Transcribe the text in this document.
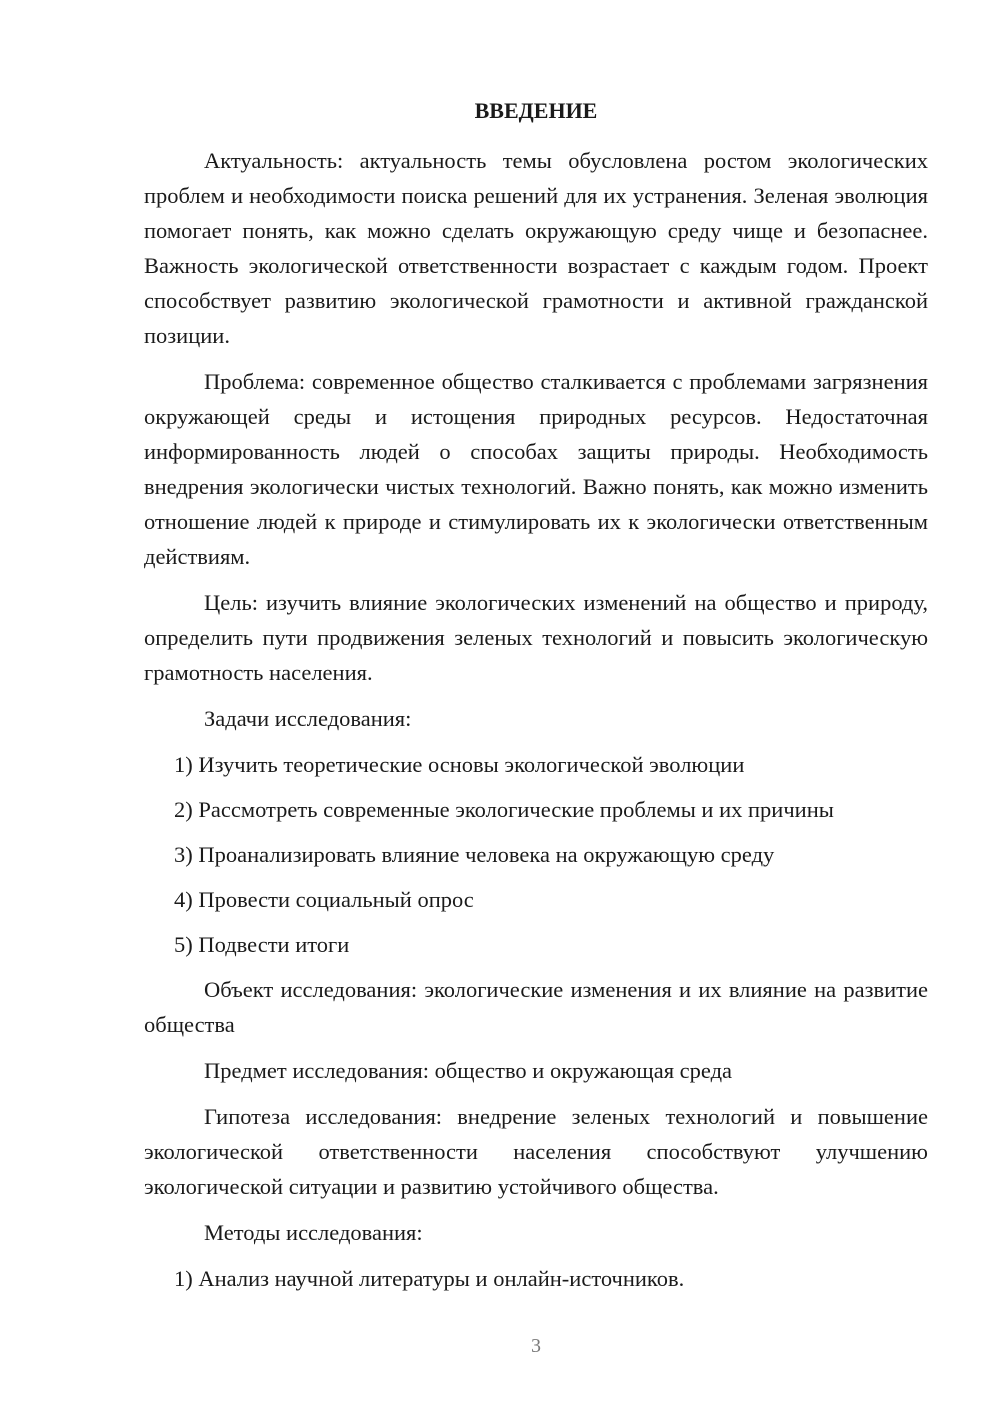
ВВЕДЕНИЕ

Актуальность: актуальность темы обусловлена ростом экологических проблем и необходимости поиска решений для их устранения. Зеленая эволюция помогает понять, как можно сделать окружающую среду чище и безопаснее. Важность экологической ответственности возрастает с каждым годом. Проект способствует развитию экологической грамотности и активной гражданской позиции.

Проблема: современное общество сталкивается с проблемами загрязнения окружающей среды и истощения природных ресурсов. Недостаточная информированность людей о способах защиты природы. Необходимость внедрения экологически чистых технологий. Важно понять, как можно изменить отношение людей к природе и стимулировать их к экологически ответственным действиям.

Цель: изучить влияние экологических изменений на общество и природу, определить пути продвижения зеленых технологий и повысить экологическую грамотность населения.

Задачи исследования:

1) Изучить теоретические основы экологической эволюции
2) Рассмотреть современные экологические проблемы и их причины
3) Проанализировать влияние человека на окружающую среду
4) Провести социальный опрос
5) Подвести итоги

Объект исследования: экологические изменения и их влияние на развитие общества

Предмет исследования: общество и окружающая среда

Гипотеза исследования: внедрение зеленых технологий и повышение экологической ответственности населения способствуют улучшению экологической ситуации и развитию устойчивого общества.

Методы исследования:

1) Анализ научной литературы и онлайн-источников.
3
